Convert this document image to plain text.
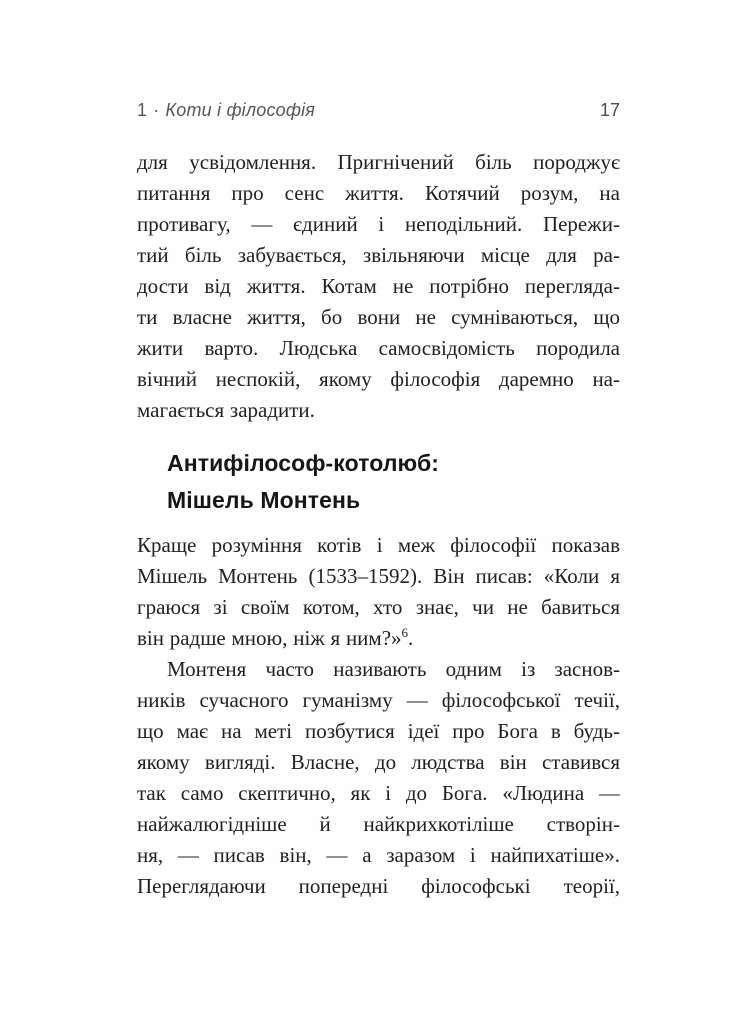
1 · Коти і філософія	17
для усвідомлення. Пригнічений біль породжує
питання про сенс життя. Котячий розум, на
противагу, — єдиний і неподільний. Пережи-
тий біль забувається, звільняючи місце для ра-
дости від життя. Котам не потрібно перегляда-
ти власне життя, бо вони не сумніваються, що
жити варто. Людська самосвідомість породила
вічний неспокій, якому філософія даремно на-
магається зарадити.
Антифілософ-котолюб:
Мішель Монтень
Краще розуміння котів і меж філософії показав
Мішель Монтень (1533–1592). Він писав: «Коли я
граюся зі своїм котом, хто знає, чи не бавиться
він радше мною, ніж я ним?»$^6$.
Монтеня часто називають одним із заснов-
ників сучасного гуманізму — філософської течії,
що має на меті позбутися ідеї про Бога в будь-
якому вигляді. Власне, до людства він ставився
так само скептично, як і до Бога. «Людина —
найжалюгідніше й найкрихкотіліше створін-
ня, — писав він, — а заразом і найпихатіше».
Переглядаючи попередні філософські теорії,
